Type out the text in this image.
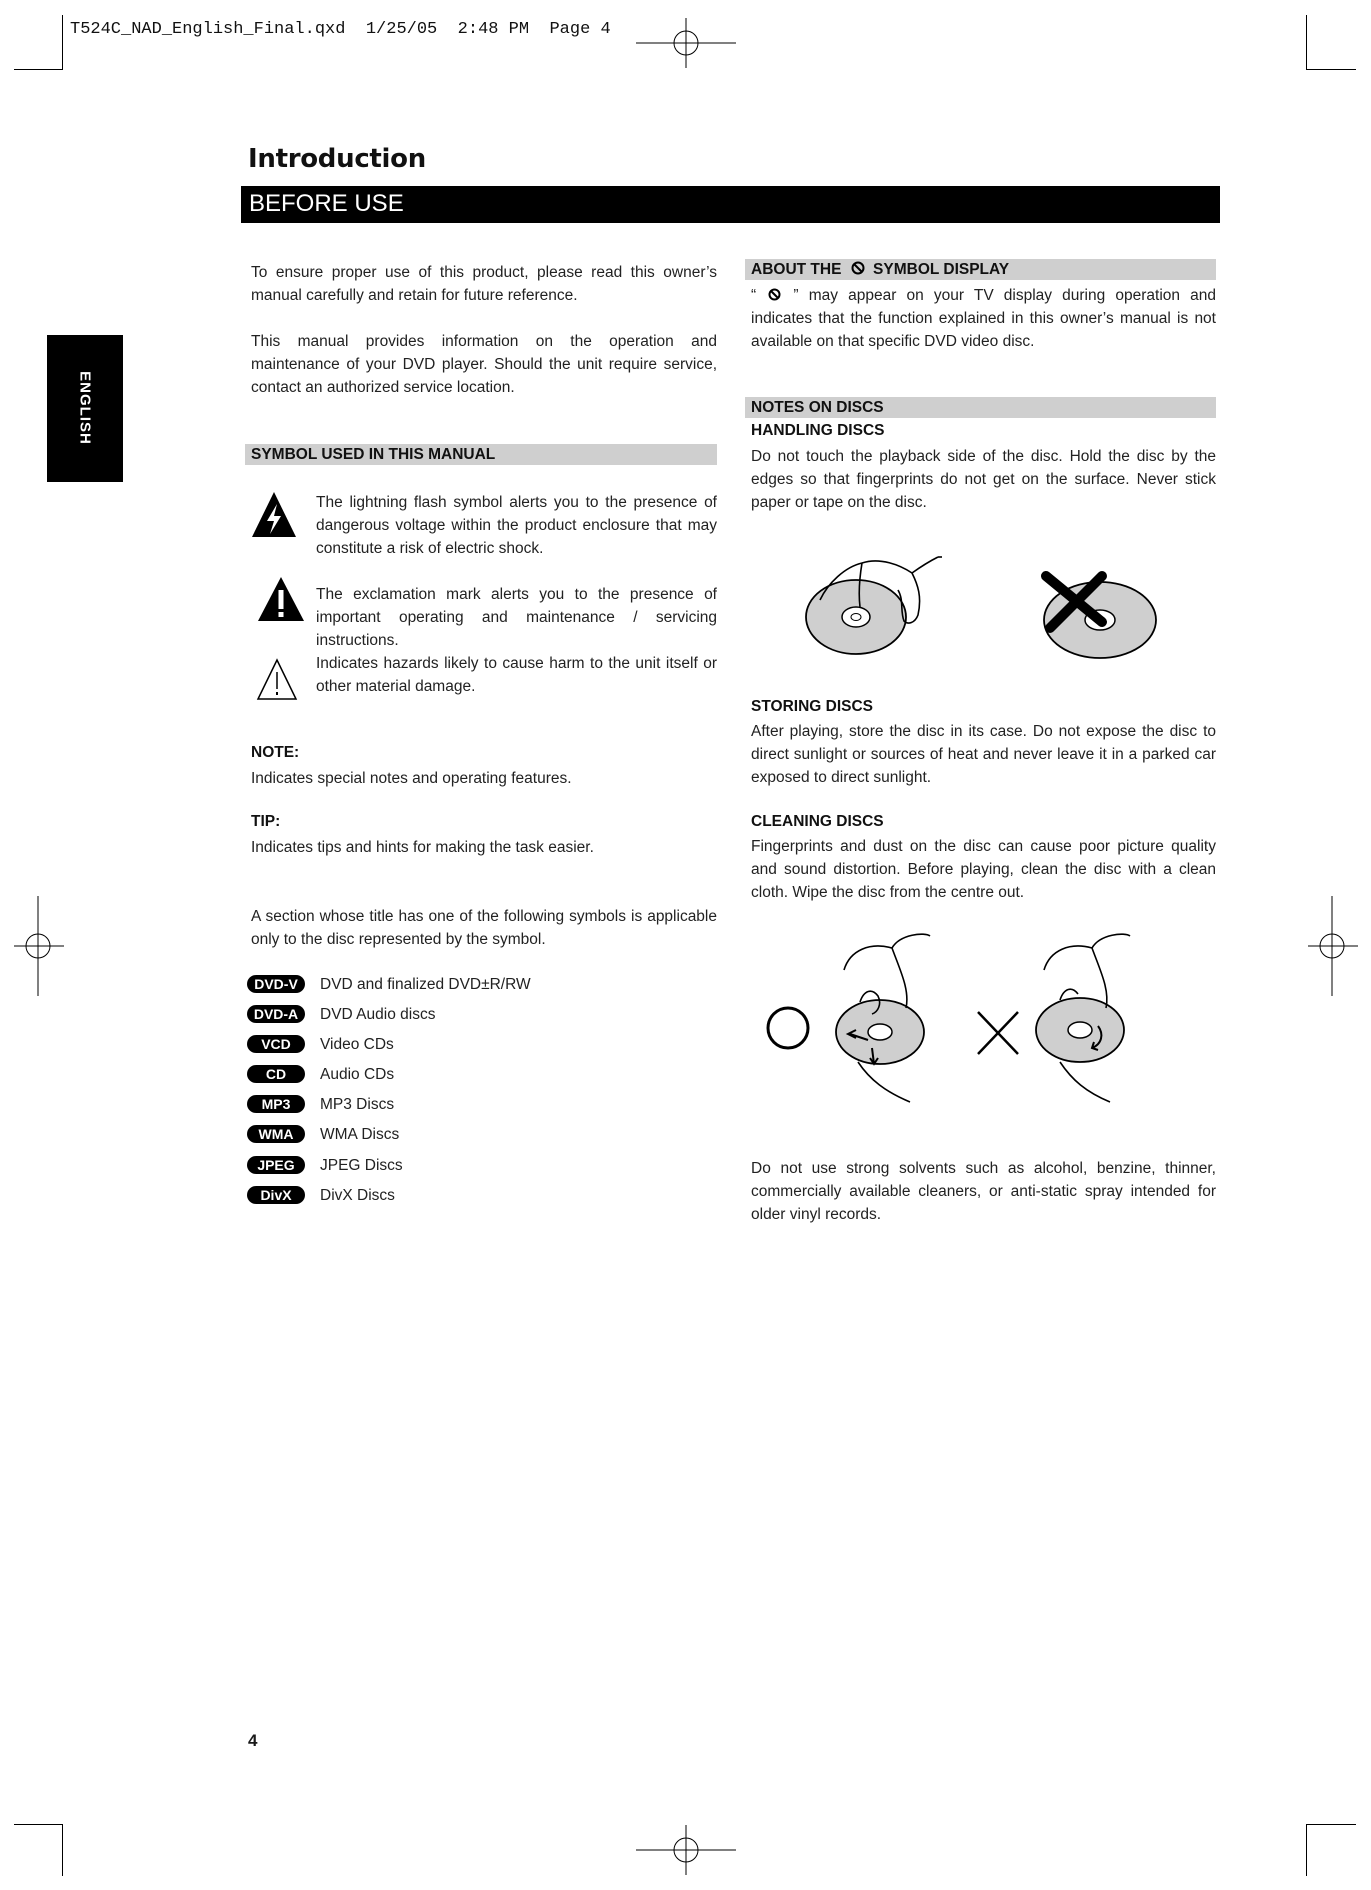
T524C_NAD_English_Final.qxd  1/25/05  2:48 PM  Page 4
Introduction
BEFORE USE
ENGLISH
To ensure proper use of this product, please read this owner’s manual carefully and retain for future reference.
This manual provides information on the operation and maintenance of your DVD player. Should the unit require service, contact an authorized service location.
SYMBOL USED IN THIS MANUAL
The lightning flash symbol alerts you to the presence of dangerous voltage within the product enclosure that may constitute a risk of electric shock.
The exclamation mark alerts you to the presence of important operating and maintenance / servicing instructions.
Indicates hazards likely to cause harm to the unit itself or other material damage.
NOTE:
Indicates special notes and operating features.
TIP:
Indicates tips and hints for making the task easier.
A section whose title has one of the following symbols is applicable only to the disc represented by the symbol.
DVD-V	DVD and finalized DVD±R/RW
DVD-A	DVD Audio discs
VCD	Video CDs
CD	Audio CDs
MP3	MP3 Discs
WMA	WMA Discs
JPEG	JPEG Discs
DivX	DivX Discs
ABOUT THE SYMBOL DISPLAY
“ ” may appear on your TV display during operation and indicates that the function explained in this owner’s manual is not available on that specific DVD video disc.
NOTES ON DISCS
HANDLING DISCS
Do not touch the playback side of the disc. Hold the disc by the edges so that fingerprints do not get on the surface. Never stick paper or tape on the disc.
STORING DISCS
After playing, store the disc in its case. Do not expose the disc to direct sunlight or sources of heat and never leave it in a parked car exposed to direct sunlight.
CLEANING DISCS
Fingerprints and dust on the disc can cause poor picture quality and sound distortion. Before playing, clean the disc with a clean cloth. Wipe the disc from the centre out.
Do not use strong solvents such as alcohol, benzine, thinner, commercially available cleaners, or anti-static spray intended for older vinyl records.
4
